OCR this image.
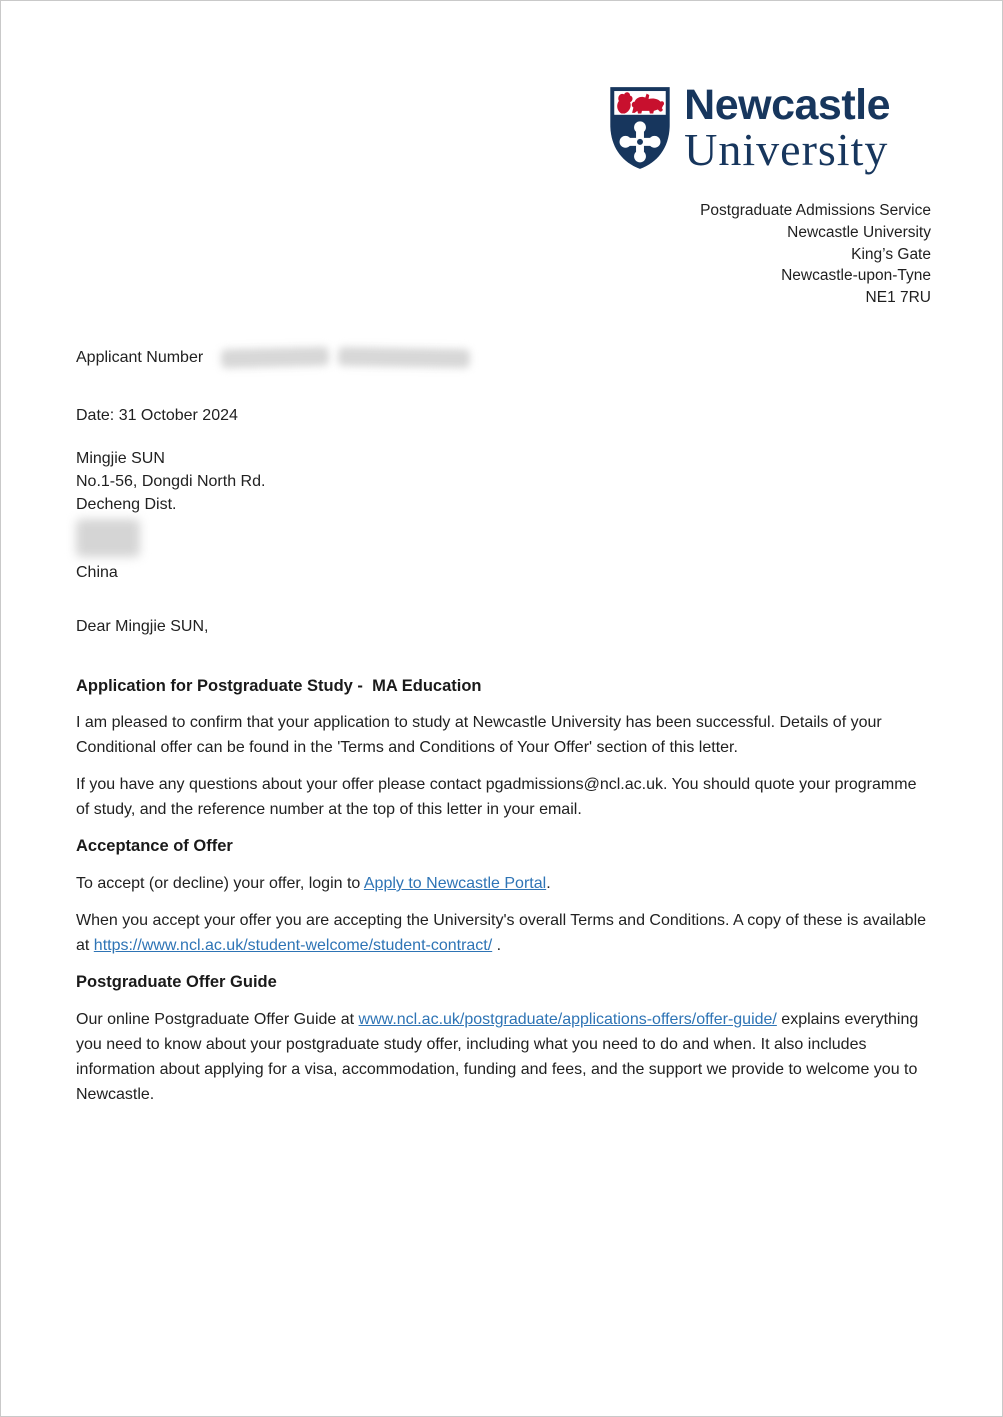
Newcastle
University
Postgraduate Admissions Service
Newcastle University
King’s Gate
Newcastle-upon-Tyne
NE1 7RU
Applicant Number
Date: 31 October 2024
Mingjie SUN
No.1-56, Dongdi North Rd.
Decheng Dist.
China
Dear Mingjie SUN,
Application for Postgraduate Study -  MA Education

I am pleased to confirm that your application to study at Newcastle University has been successful. Details of your Conditional offer can be found in the 'Terms and Conditions of Your Offer' section of this letter.

If you have any questions about your offer please contact pgadmissions@ncl.ac.uk. You should quote your programme of study, and the reference number at the top of this letter in your email.

Acceptance of Offer

To accept (or decline) your offer, login to Apply to Newcastle Portal.

When you accept your offer you are accepting the University's overall Terms and Conditions. A copy of these is available at https://www.ncl.ac.uk/student-welcome/student-contract/ .

Postgraduate Offer Guide

Our online Postgraduate Offer Guide at www.ncl.ac.uk/postgraduate/applications-offers/offer-guide/ explains everything you need to know about your postgraduate study offer, including what you need to do and when. It also includes information about applying for a visa, accommodation, funding and fees, and the support we provide to welcome you to Newcastle.
